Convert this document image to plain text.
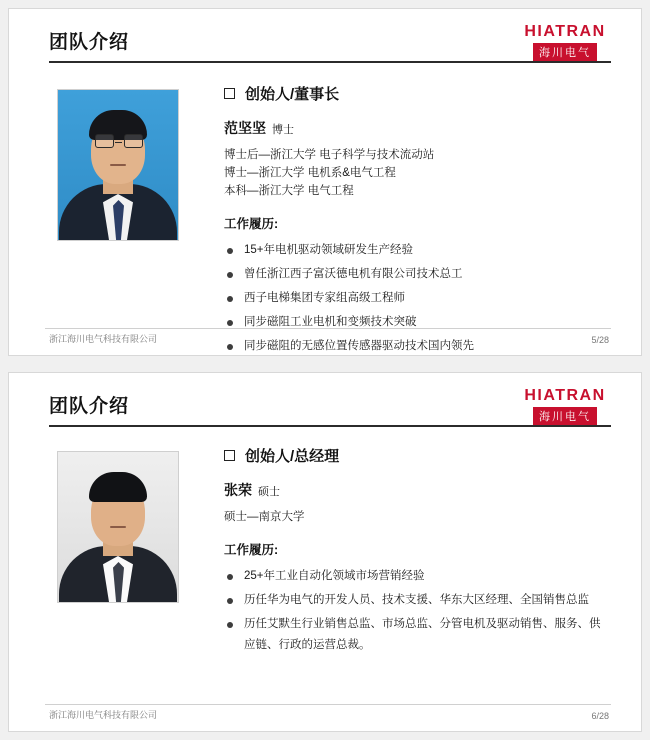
团队介绍
HIATRAN
海川电气
创始人/董事长
范坚坚 博士
博士后—浙江大学 电子科学与技术流动站
博士—浙江大学 电机系&电气工程
本科—浙江大学 电气工程
工作履历:
15+年电机驱动领域研发生产经验
曾任浙江西子富沃德电机有限公司技术总工
西子电梯集团专家组高级工程师
同步磁阻工业电机和变频技术突破
同步磁阻的无感位置传感器驱动技术国内领先
浙江海川电气科技有限公司	5/28
团队介绍
HIATRAN
海川电气
创始人/总经理
张荣 硕士
硕士—南京大学
工作履历:
25+年工业自动化领域市场营销经验
历任华为电气的开发人员、技术支援、华东大区经理、全国销售总监
历任艾默生行业销售总监、市场总监、分管电机及驱动销售、服务、供应链、行政的运营总裁。
浙江海川电气科技有限公司	6/28
